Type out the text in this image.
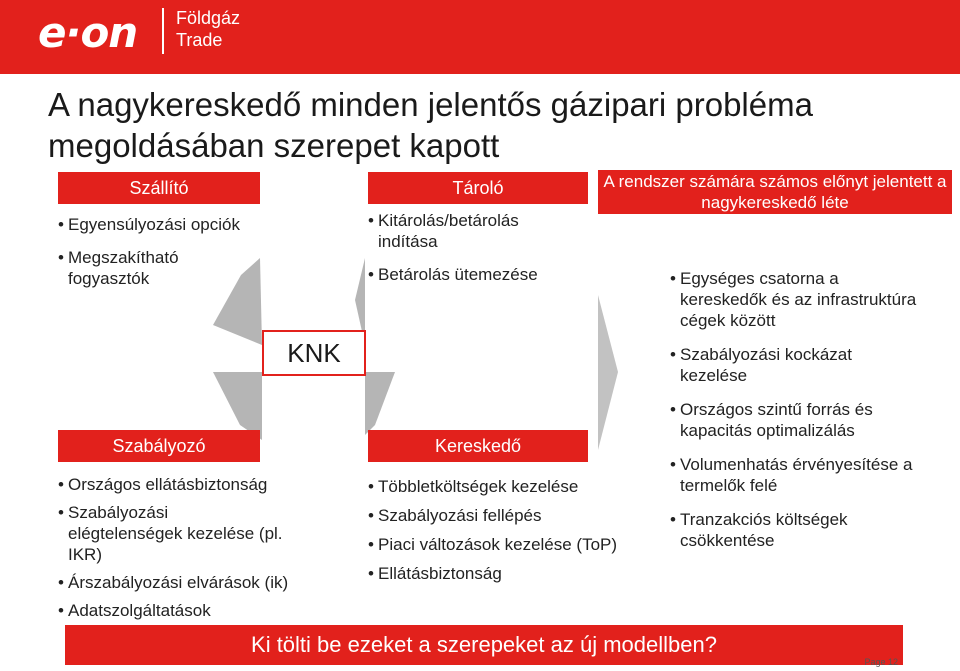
e·on Földgáz
Trade
A nagykereskedő minden jelentős gázipari probléma megoldásában szerepet kapott
Szállító
• Egyensúlyozási opciók
• Megszakítható fogyasztók
Tároló
• Kitárolás/betárolás indítása
• Betárolás ütemezése
KNK
Szabályozó
• Országos ellátásbiztonság
• Szabályozási elégtelenségek kezelése (pl. IKR)
• Árszabályozási elvárások (ik)
• Adatszolgáltatások
Kereskedő
• Többletköltségek kezelése
• Szabályozási fellépés
• Piaci változások kezelése (ToP)
• Ellátásbiztonság
A rendszer számára számos előnyt jelentett a nagykereskedő léte
• Egységes csatorna a kereskedők és az infrastruktúra cégek között
• Szabályozási kockázat kezelése
• Országos szintű forrás és kapacitás optimalizálás
• Volumenhatás érvényesítése a termelők felé
• Tranzakciós költségek csökkentése
Ki tölti be ezeket a szerepeket az új modellben?
Page 12
